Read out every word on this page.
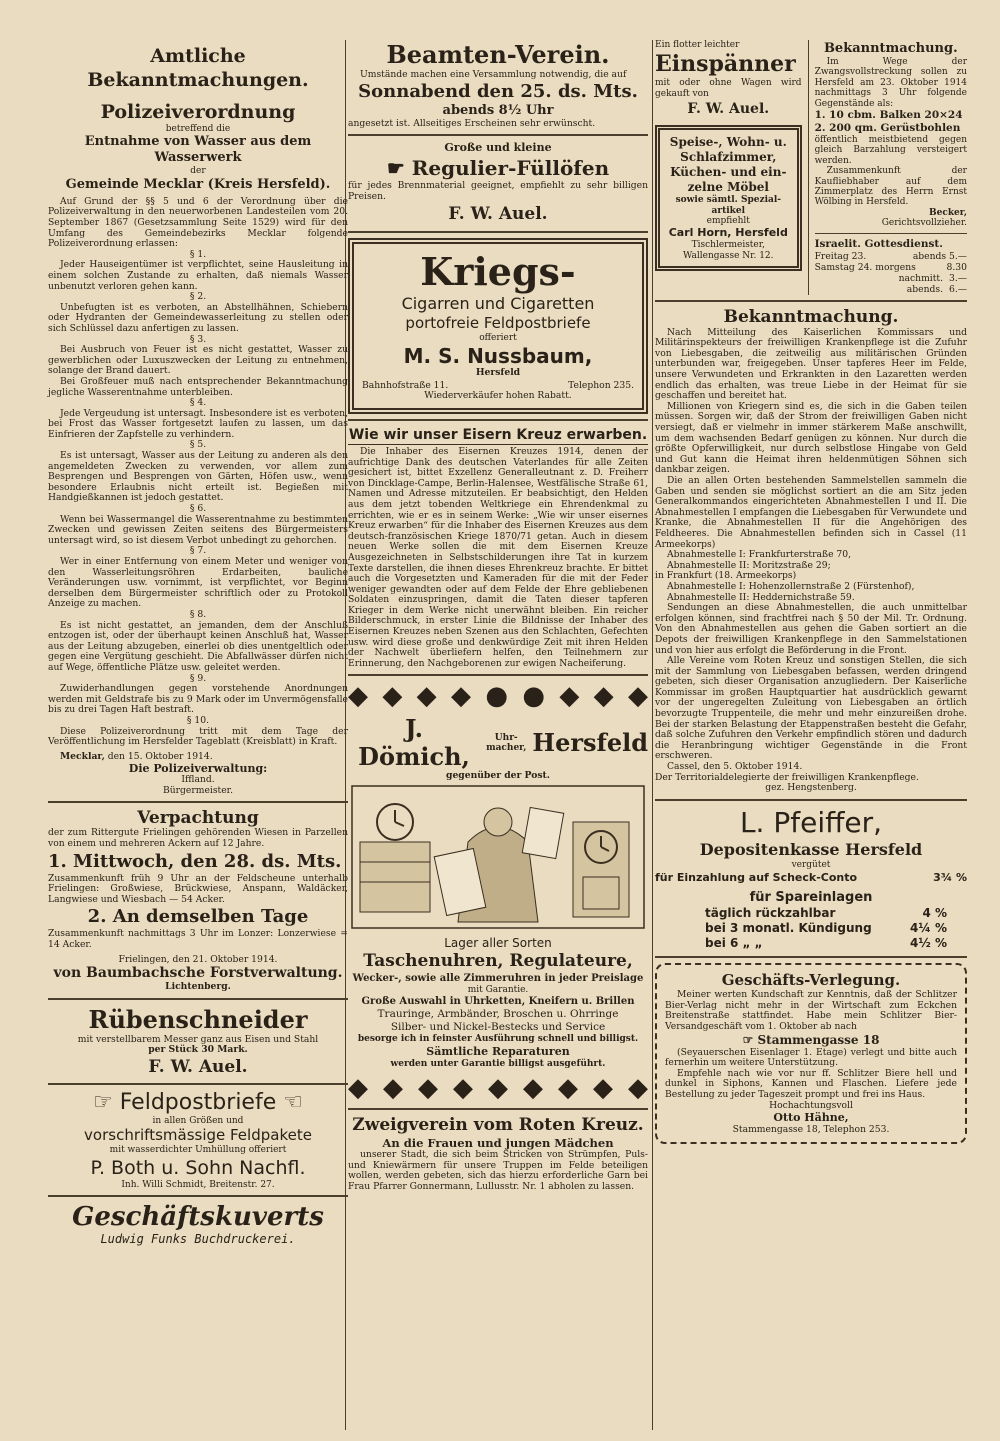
Amtliche Bekanntmachungen.
Polizeiverordnung

betreffend die

Entnahme von Wasser aus dem Wasserwerk

der

Gemeinde Mecklar (Kreis Hersfeld).

Auf Grund der §§ 5 und 6 der Verordnung über die Polizeiverwaltung in den neuerworbenen Landesteilen vom 20. September 1867 (Gesetzsammlung Seite 1529) wird für den Umfang des Gemeindebezirks Mecklar folgende Polizeiverordnung erlassen:

§ 1.

Jeder Hauseigentümer ist verpflichtet, seine Hausleitung in einem solchen Zustande zu erhalten, daß niemals Wasser unbenutzt verloren gehen kann.

§ 2.

Unbefugten ist es verboten, an Abstellhähnen, Schiebern oder Hydranten der Gemeindewasserleitung zu stellen oder sich Schlüssel dazu anfertigen zu lassen.

§ 3.

Bei Ausbruch von Feuer ist es nicht gestattet, Wasser zu gewerblichen oder Luxuszwecken der Leitung zu entnehmen, solange der Brand dauert.

Bei Großfeuer muß nach entsprechender Bekanntmachung jegliche Wasserentnahme unterbleiben.

§ 4.

Jede Vergeudung ist untersagt. Insbesondere ist es verboten, bei Frost das Wasser fortgesetzt laufen zu lassen, um das Einfrieren der Zapfstelle zu verhindern.

§ 5.

Es ist untersagt, Wasser aus der Leitung zu anderen als den angemeldeten Zwecken zu verwenden, vor allem zum Besprengen und Besprengen von Gärten, Höfen usw., wenn besondere Erlaubnis nicht erteilt ist. Begießen mit Handgießkannen ist jedoch gestattet.

§ 6.

Wenn bei Wassermangel die Wasserentnahme zu bestimmten Zwecken und gewissen Zeiten seitens des Bürgermeisters untersagt wird, so ist diesem Verbot unbedingt zu gehorchen.

§ 7.

Wer in einer Entfernung von einem Meter und weniger von den Wasserleitungsröhren Erdarbeiten, bauliche Veränderungen usw. vornimmt, ist verpflichtet, vor Beginn derselben dem Bürgermeister schriftlich oder zu Protokoll Anzeige zu machen.

§ 8.

Es ist nicht gestattet, an jemanden, dem der Anschluß entzogen ist, oder der überhaupt keinen Anschluß hat, Wasser aus der Leitung abzugeben, einerlei ob dies unentgeltlich oder gegen eine Vergütung geschieht. Die Abfallwässer dürfen nicht auf Wege, öffentliche Plätze usw. geleitet werden.

§ 9.

Zuwiderhandlungen gegen vorstehende Anordnungen werden mit Geldstrafe bis zu 9 Mark oder im Unvermögensfalle bis zu drei Tagen Haft bestraft.

§ 10.

Diese Polizeiverordnung tritt mit dem Tage der Veröffentlichung im Hersfelder Tageblatt (Kreisblatt) in Kraft.

Mecklar, den 15. Oktober 1914.

Die Polizeiverwaltung:

Iffland.

Bürgermeister.

Verpachtung

der zum Rittergute Frielingen gehörenden Wiesen in Parzellen von einem und mehreren Ackern auf 12 Jahre.

1. Mittwoch, den 28. ds. Mts.

Zusammenkunft früh 9 Uhr an der Feldscheune unterhalb Frielingen: Großwiese, Brückwiese, Anspann, Waldäcker, Langwiese und Wiesbach — 54 Acker.

2. An demselben Tage

Zusammenkunft nachmittags 3 Uhr im Lonzer: Lonzerwiese = 14 Acker.

Frielingen, den 21. Oktober 1914.

von Baumbachsche Forstverwaltung.

Lichtenberg.

Rübenschneider

mit verstellbarem Messer ganz aus Eisen und Stahl

per Stück 30 Mark.

F. W. Auel.
☞ Feldpostbriefe ☜

in allen Größen und

vorschriftsmässige Feldpakete

mit wasserdichter Umhüllung offeriert

P. Both u. Sohn Nachfl.

Inh. Willi Schmidt, Breitenstr. 27.

Geschäftskuverts

Ludwig Funks Buchdruckerei.

Beamten-Verein.

Umstände machen eine Versammlung notwendig, die auf

Sonnabend den 25. ds. Mts.

abends 8½ Uhr

angesetzt ist. Allseitiges Erscheinen sehr erwünscht.

Große und kleine

☛ Regulier-Füllöfen

für jedes Brennmaterial geeignet, empfiehlt zu sehr billigen Preisen.

F. W. Auel.
Kriegs-

Cigarren und Cigaretten

portofreie Feldpostbriefe

offeriert

M. S. Nussbaum,

Hersfeld

Bahnhofstraße 11.	Telephon 235.

Wiederverkäufer hohen Rabatt.

Wie wir unser Eisern Kreuz erwarben.

Die Inhaber des Eisernen Kreuzes 1914, denen der aufrichtige Dank des deutschen Vaterlandes für alle Zeiten gesichert ist, bittet Exzellenz Generalleutnant z. D. Freiherr von Dincklage-Campe, Berlin-Halensee, Westfälische Straße 61, Namen und Adresse mitzuteilen. Er beabsichtigt, den Helden aus dem jetzt tobenden Weltkriege ein Ehrendenkmal zu errichten, wie er es in seinem Werke: „Wie wir unser eisernes Kreuz erwarben“ für die Inhaber des Eisernen Kreuzes aus dem deutsch-französischen Kriege 1870/71 getan. Auch in diesem neuen Werke sollen die mit dem Eisernen Kreuze Ausgezeichneten in Selbstschilderungen ihre Tat in kurzem Texte darstellen, die ihnen dieses Ehrenkreuz brachte. Er bittet auch die Vorgesetzten und Kameraden für die mit der Feder weniger gewandten oder auf dem Felde der Ehre gebliebenen Soldaten einzuspringen, damit die Taten dieser tapferen Krieger in dem Werke nicht unerwähnt bleiben. Ein reicher Bilderschmuck, in erster Linie die Bildnisse der Inhaber des Eisernen Kreuzes neben Szenen aus den Schlachten, Gefechten usw. wird diese große und denkwürdige Zeit mit ihren Helden der Nachwelt überliefern helfen, den Teilnehmern zur Erinnerung, den Nachgeborenen zur ewigen Nacheiferung.

◆ ◆ ◆ ◆ ● ● ◆ ◆ ◆
J. Dömich,
Uhr-
macher, Hersfeld

gegenüber der Post.

Lager aller Sorten

Taschenuhren, Regulateure,

Wecker-, sowie alle Zimmeruhren in jeder Preislage

mit Garantie.

Große Auswahl in Uhrketten, Kneifern u. Brillen

Trauringe, Armbänder, Broschen u. Ohrringe

Silber- und Nickel-Bestecks und Service

besorge ich in feinster Ausführung schnell und billigst.

Sämtliche Reparaturen

werden unter Garantie billigst ausgeführt.

◆ ◆ ◆ ◆ ◆ ◆ ◆ ◆ ◆
Zweigverein vom Roten Kreuz.

An die Frauen und jungen Mädchen

unserer Stadt, die sich beim Stricken von Strümpfen, Puls- und Kniewärmern für unsere Truppen im Felde beteiligen wollen, werden gebeten, sich das hierzu erforderliche Garn bei Frau Pfarrer Gonnermann, Lullusstr. Nr. 1 abholen zu lassen.

Ein flotter leichter

Einspänner

mit oder ohne Wagen wird gekauft von

F. W. Auel.

Speise-, Wohn- u.

Schlafzimmer,

Küchen- und ein-

zelne Möbel

sowie sämtl. Spezial-

artikel

empfiehlt

Carl Horn, Hersfeld

Tischlermeister,

Wallengasse Nr. 12.

Bekanntmachung.

Im Wege der Zwangsvollstreckung sollen zu Hersfeld am 23. Oktober 1914 nachmittags 3 Uhr folgende Gegenstände als:

1. 10 cbm. Balken 20×24

2. 200 qm. Gerüstbohlen

öffentlich meistbietend gegen gleich Barzahlung versteigert werden.

Zusammenkunft der Kaufliebhaber auf dem Zimmerplatz des Herrn Ernst Wölbing in Hersfeld.

Becker,

Gerichtsvollzieher.

Israelit. Gottesdienst.

Freitag 23.	abends 5.—
Samstag 24. morgens	8.30
nachmitt. 3.—
abends. 6.—
Bekanntmachung.

Nach Mitteilung des Kaiserlichen Kommissars und Militärinspekteurs der freiwilligen Krankenpflege ist die Zufuhr von Liebesgaben, die zeitweilig aus militärischen Gründen unterbunden war, freigegeben. Unser tapferes Heer im Felde, unsere Verwundeten und Erkrankten in den Lazaretten werden endlich das erhalten, was treue Liebe in der Heimat für sie geschaffen und bereitet hat.

Millionen von Kriegern sind es, die sich in die Gaben teilen müssen. Sorgen wir, daß der Strom der freiwilligen Gaben nicht versiegt, daß er vielmehr in immer stärkerem Maße anschwillt, um dem wachsenden Bedarf genügen zu können. Nur durch die größte Opferwilligkeit, nur durch selbstlose Hingabe von Geld und Gut kann die Heimat ihren heldenmütigen Söhnen sich dankbar zeigen.

Die an allen Orten bestehenden Sammelstellen sammeln die Gaben und senden sie möglichst sortiert an die am Sitz jeden Generalkommandos eingerichteten Abnahmestellen I und II. Die Abnahmestellen I empfangen die Liebesgaben für Verwundete und Kranke, die Abnahmestellen II für die Angehörigen des Feldheeres. Die Abnahmestellen befinden sich in Cassel (11 Armeekorps)

Abnahmestelle I: Frankfurterstraße 70,

Abnahmestelle II: Moritzstraße 29;

in Frankfurt (18. Armeekorps)

Abnahmestelle I: Hohenzollernstraße 2 (Fürstenhof),

Abnahmestelle II: Heddernichstraße 59.

Sendungen an diese Abnahmestellen, die auch unmittelbar erfolgen können, sind frachtfrei nach § 50 der Mil. Tr. Ordnung. Von den Abnahmestellen aus gehen die Gaben sortiert an die Depots der freiwilligen Krankenpflege in den Sammelstationen und von hier aus erfolgt die Beförderung in die Front.

Alle Vereine vom Roten Kreuz und sonstigen Stellen, die sich mit der Sammlung von Liebesgaben befassen, werden dringend gebeten, sich dieser Organisation anzugliedern. Der Kaiserliche Kommissar im großen Hauptquartier hat ausdrücklich gewarnt vor der ungeregelten Zuleitung von Liebesgaben an örtlich bevorzugte Truppenteile, die mehr und mehr einzureißen drohe. Bei der starken Belastung der Etappenstraßen besteht die Gefahr, daß solche Zufuhren den Verkehr empfindlich stören und dadurch die Heranbringung wichtiger Gegenstände in die Front erschweren.

Cassel, den 5. Oktober 1914.

Der Territorialdelegierte der freiwilligen Krankenpflege.

gez. Hengstenberg.

L. Pfeiffer,
Depositenkasse Hersfeld

vergütet

für Einzahlung auf Scheck-Conto	3¾ %

für Spareinlagen

täglich rückzahlbar	4 %
bei 3 monatl. Kündigung	4¼ %
bei 6 „ „	4½ %
Geschäfts-Verlegung.

Meiner werten Kundschaft zur Kenntnis, daß der Schlitzer Bier-Verlag nicht mehr in der Wirtschaft zum Eckchen Breitenstraße stattfindet. Habe mein Schlitzer Bier-Versandgeschäft vom 1. Oktober ab nach

☞ Stammengasse 18

(Seyauerschen Eisenlager 1. Etage) verlegt und bitte auch fernerhin um weitere Unterstützung.

Empfehle nach wie vor nur ff. Schlitzer Biere hell und dunkel in Siphons, Kannen und Flaschen. Liefere jede Bestellung zu jeder Tageszeit prompt und frei ins Haus.

Hochachtungsvoll

Otto Hähne,

Stammengasse 18, Telephon 253.
